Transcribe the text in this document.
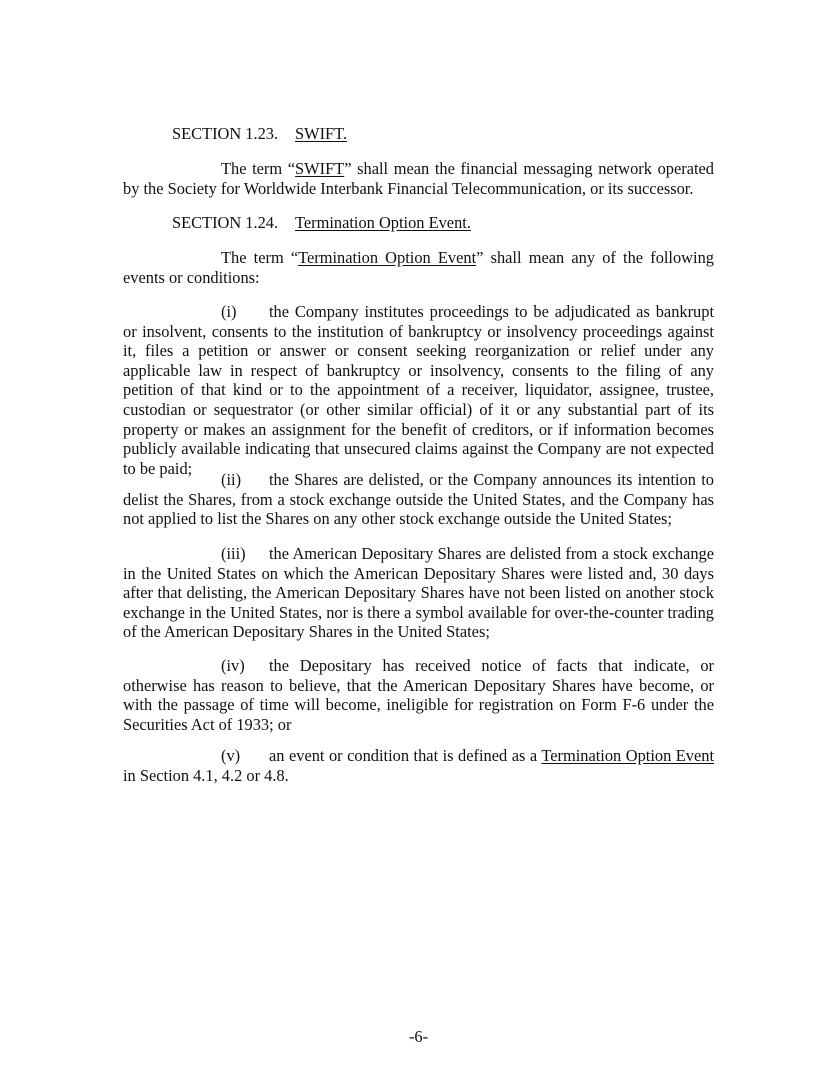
SECTION 1.23. SWIFT.

The term “SWIFT” shall mean the financial messaging network operated by the Society for Worldwide Interbank Financial Telecommunication, or its successor.

SECTION 1.24. Termination Option Event.

The term “Termination Option Event” shall mean any of the following events or conditions:

(i) the Company institutes proceedings to be adjudicated as bankrupt or insolvent, consents to the institution of bankruptcy or insolvency proceedings against it, files a petition or answer or consent seeking reorganization or relief under any applicable law in respect of bankruptcy or insolvency, consents to the filing of any petition of that kind or to the appointment of a receiver, liquidator, assignee, trustee, custodian or sequestrator (or other similar official) of it or any substantial part of its property or makes an assignment for the benefit of creditors, or if information becomes publicly available indicating that unsecured claims against the Company are not expected to be paid;

(ii) the Shares are delisted, or the Company announces its intention to delist the Shares, from a stock exchange outside the United States, and the Company has not applied to list the Shares on any other stock exchange outside the United States;

(iii) the American Depositary Shares are delisted from a stock exchange in the United States on which the American Depositary Shares were listed and, 30 days after that delisting, the American Depositary Shares have not been listed on another stock exchange in the United States, nor is there a symbol available for over-the-counter trading of the American Depositary Shares in the United States;

(iv) the Depositary has received notice of facts that indicate, or otherwise has reason to believe, that the American Depositary Shares have become, or with the passage of time will become, ineligible for registration on Form F-6 under the Securities Act of 1933; or

(v) an event or condition that is defined as a Termination Option Event in Section 4.1, 4.2 or 4.8.

-6-
